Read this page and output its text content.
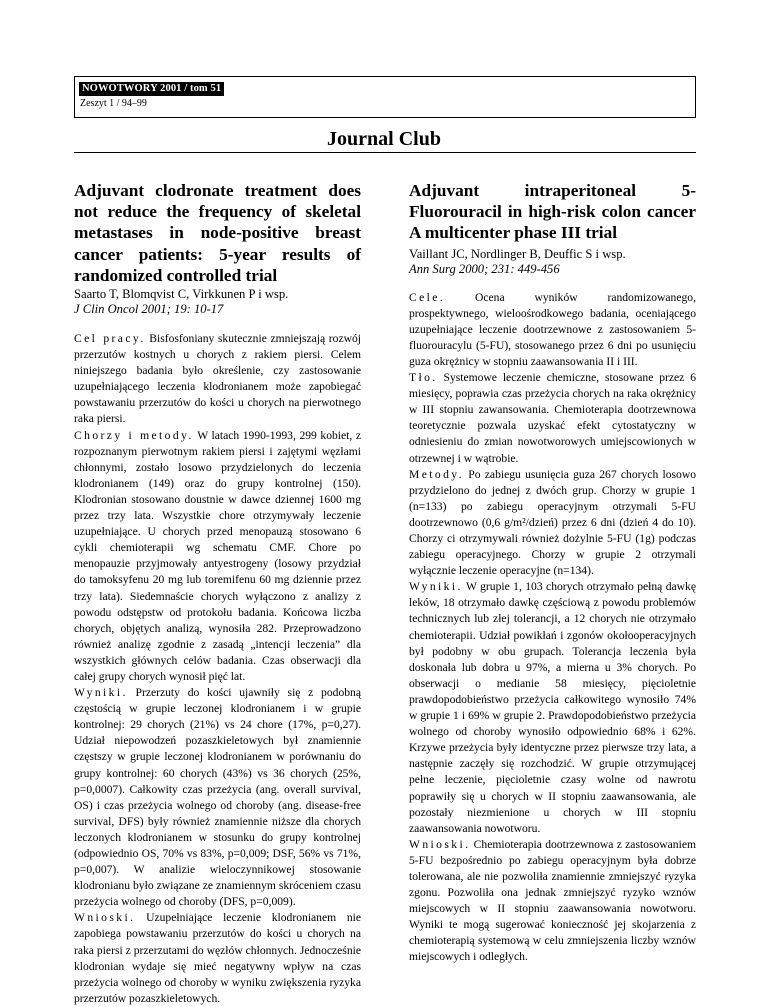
NOWOTWORY 2001 / tom 51
Zeszyt 1 / 94–99
Journal Club
Adjuvant clodronate treatment does not reduce the frequency of skeletal metastases in node-positive breast cancer patients: 5-year results of randomized controlled trial
Saarto T, Blomqvist C, Virkkunen P i wsp.
J Clin Oncol 2001; 19: 10-17

Cel pracy. Bisfosfoniany skutecznie zmniejszają rozwój przerzutów kostnych u chorych z rakiem piersi. Celem niniejszego badania było określenie, czy zastosowanie uzupełniającego leczenia klodronianem może zapobiegać powstawaniu przerzutów do kości u chorych na pierwotnego raka piersi.

Chorzy i metody. W latach 1990-1993, 299 kobiet, z rozpoznanym pierwotnym rakiem piersi i zajętymi węzłami chłonnymi, zostało losowo przydzielonych do leczenia klodronianem (149) oraz do grupy kontrolnej (150). Klodronian stosowano doustnie w dawce dziennej 1600 mg przez trzy lata. Wszystkie chore otrzymywały leczenie uzupełniające. U chorych przed menopauzą stosowano 6 cykli chemioterapii wg schematu CMF. Chore po menopauzie przyjmowały antyestrogeny (losowy przydział do tamoksyfenu 20 mg lub toremifenu 60 mg dziennie przez trzy lata). Siedemnaście chorych wyłączono z analizy z powodu odstępstw od protokołu badania. Końcowa liczba chorych, objętych analizą, wynosiła 282. Przeprowadzono również analizę zgodnie z zasadą „intencji leczenia” dla wszystkich głównych celów badania. Czas obserwacji dla całej grupy chorych wynosił pięć lat.

Wyniki. Przerzuty do kości ujawniły się z podobną częstością w grupie leczonej klodronianem i w grupie kontrolnej: 29 chorych (21%) vs 24 chore (17%, p=0,27). Udział niepowodzeń pozaszkieletowych był znamiennie częstszy w grupie leczonej klodronianem w porównaniu do grupy kontrolnej: 60 chorych (43%) vs 36 chorych (25%, p=0,0007). Całkowity czas przeżycia (ang. overall survival, OS) i czas przeżycia wolnego od choroby (ang. disease-free survival, DFS) były również znamiennie niższe dla chorych leczonych klodronianem w stosunku do grupy kontrolnej (odpowiednio OS, 70% vs 83%, p=0,009; DSF, 56% vs 71%, p=0,007). W analizie wieloczynnikowej stosowanie klodronianu było związane ze znamiennym skróceniem czasu przeżycia wolnego od choroby (DFS, p=0,009).

Wnioski. Uzupełniające leczenie klodronianem nie zapobiega powstawaniu przerzutów do kości u chorych na raka piersi z przerzutami do węzłów chłonnych. Jednocześnie klodronian wydaje się mieć negatywny wpływ na czas przeżycia wolnego od choroby w wyniku zwiększenia ryzyka przerzutów pozaszkieletowych.

Adjuvant intraperitoneal 5-Fluorouracil in high-risk colon cancer A multicenter phase III trial
Vaillant JC, Nordlinger B, Deuffic S i wsp.
Ann Surg 2000; 231: 449-456

Cele. Ocena wyników randomizowanego, prospektywnego, wieloośrodkowego badania, oceniającego uzupełniające leczenie dootrzewnowe z zastosowaniem 5-fluorouracylu (5-FU), stosowanego przez 6 dni po usunięciu guza okrężnicy w stopniu zaawansowania II i III.

Tło. Systemowe leczenie chemiczne, stosowane przez 6 miesięcy, poprawia czas przeżycia chorych na raka okrężnicy w III stopniu zawansowania. Chemioterapia dootrzewnowa teoretycznie pozwala uzyskać efekt cytostatyczny w odniesieniu do zmian nowotworowych umiejscowionych w otrzewnej i w wątrobie.

Metody. Po zabiegu usunięcia guza 267 chorych losowo przydzielono do jednej z dwóch grup. Chorzy w grupie 1 (n=133) po zabiegu operacyjnym otrzymali 5-FU dootrzewnowo (0,6 g/m²/dzień) przez 6 dni (dzień 4 do 10). Chorzy ci otrzymywali również dożylnie 5-FU (1g) podczas zabiegu operacyjnego. Chorzy w grupie 2 otrzymali wyłącznie leczenie operacyjne (n=134).

Wyniki. W grupie 1, 103 chorych otrzymało pełną dawkę leków, 18 otrzymało dawkę częściową z powodu problemów technicznych lub złej tolerancji, a 12 chorych nie otrzymało chemioterapii. Udział powikłań i zgonów okołooperacyjnych był podobny w obu grupach. Tolerancja leczenia była doskonała lub dobra u 97%, a mierna u 3% chorych. Po obserwacji o medianie 58 miesięcy, pięcioletnie prawdopodobieństwo przeżycia całkowitego wynosiło 74% w grupie 1 i 69% w grupie 2. Prawdopodobieństwo przeżycia wolnego od choroby wynosiło odpowiednio 68% i 62%. Krzywe przeżycia były identyczne przez pierwsze trzy lata, a następnie zaczęły się rozchodzić. W grupie otrzymującej pełne leczenie, pięcioletnie czasy wolne od nawrotu poprawiły się u chorych w II stopniu zaawansowania, ale pozostały niezmienione u chorych w III stopniu zaawansowania nowotworu.

Wnioski. Chemioterapia dootrzewnowa z zastosowaniem 5-FU bezpośrednio po zabiegu operacyjnym była dobrze tolerowana, ale nie pozwoliła znamiennie zmniejszyć ryzyka zgonu. Pozwoliła ona jednak zmniejszyć ryzyko wznów miejscowych w II stopniu zaawansowania nowotworu. Wyniki te mogą sugerować konieczność jej skojarzenia z chemioterapią systemową w celu zmniejszenia liczby wznów miejscowych i odległych.
